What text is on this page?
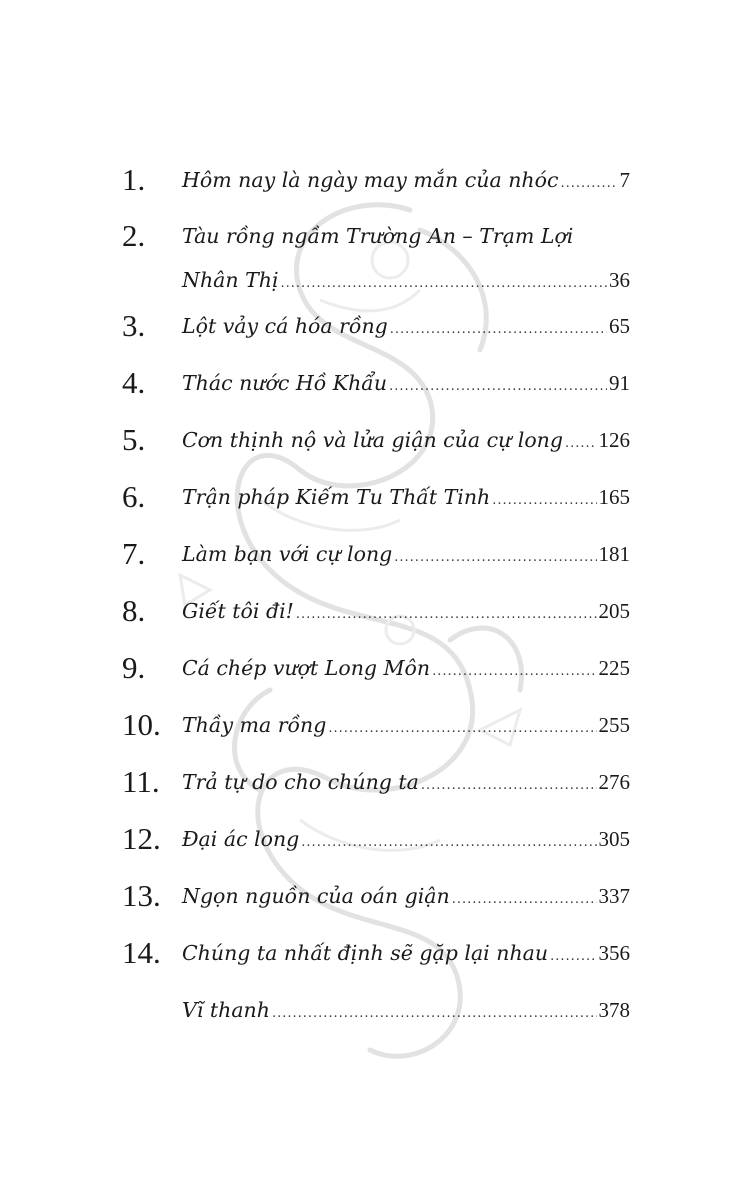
1.	Hôm nay là ngày may mắn của nhóc .....	7
2.	Tàu rồng ngầm Trường An – Trạm Lợi
Nhân Thị .....	36
3.	Lột vảy cá hóa rồng .....	65
4.	Thác nước Hồ Khẩu .....	91
5.	Cơn thịnh nộ và lửa giận của cự long ..... 126
6.	Trận pháp Kiếm Tu Thất Tinh .....	165
7.	Làm bạn với cự long .....	181
8.	Giết tôi đi! .....	205
9.	Cá chép vượt Long Môn .....	225
10.	Thầy ma rồng .....	255
11.	Trả tự do cho chúng ta .....	276
12.	Đại ác long .....	305
13.	Ngọn nguồn của oán giận .....	337
14.	Chúng ta nhất định sẽ gặp lại nhau ..... 356
Vĩ thanh .....	378
